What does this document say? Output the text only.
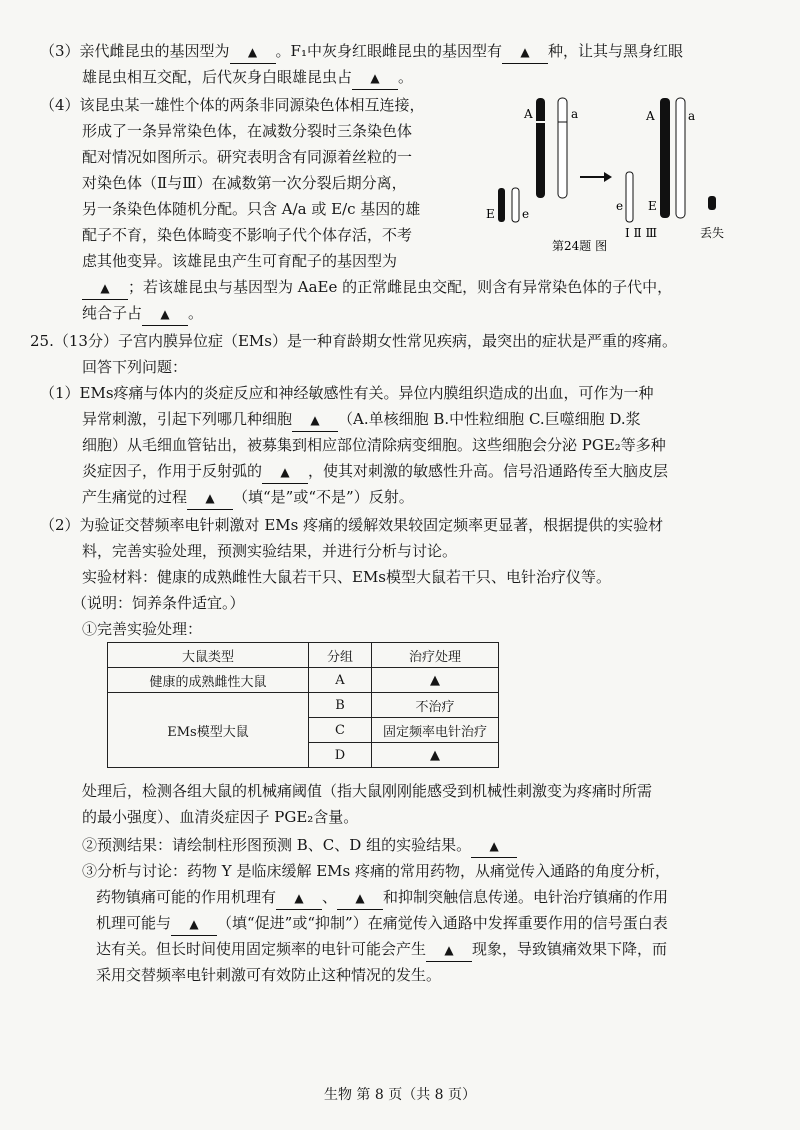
（3）亲代雌昆虫的基因型为 ▲ 。F₁中灰身红眼雌昆虫的基因型有 ▲ 种，让其与黑身红眼
雄昆虫相互交配，后代灰身白眼雄昆虫占 ▲ 。
（4）该昆虫某一雄性个体的两条非同源染色体相互连接，
形成了一条异常染色体，在减数分裂时三条染色体
配对情况如图所示。研究表明含有同源着丝粒的一
对染色体（Ⅱ与Ⅲ）在减数第一次分裂后期分离，
另一条染色体随机分配。只含 A/a 或 E/c 基因的雄
配子不育，染色体畸变不影响子代个体存活，不考
虑其他变异。该雄昆虫产生可育配子的基因型为
▲ ；若该雄昆虫与基因型为 AaEe 的正常雌昆虫交配，则含有异常染色体的子代中，
纯合子占 ▲ 。
A	a
E e
e
A
E
a
第24题 图
Ⅰ Ⅱ Ⅲ	丢失
25.（13分）子宫内膜异位症（EMs）是一种育龄期女性常见疾病，最突出的症状是严重的疼痛。
回答下列问题：
（1）EMs疼痛与体内的炎症反应和神经敏感性有关。异位内膜组织造成的出血，可作为一种
异常刺激，引起下列哪几种细胞 ▲ （A.单核细胞 B.中性粒细胞 C.巨噬细胞 D.浆
细胞）从毛细血管钻出，被募集到相应部位清除病变细胞。这些细胞会分泌 PGE₂等多种
炎症因子，作用于反射弧的 ▲ ，使其对刺激的敏感性升高。信号沿通路传至大脑皮层
产生痛觉的过程 ▲ （填“是”或“不是”）反射。
（2）为验证交替频率电针刺激对 EMs 疼痛的缓解效果较固定频率更显著，根据提供的实验材
料，完善实验处理，预测实验结果，并进行分析与讨论。
实验材料：健康的成熟雌性大鼠若干只、EMs模型大鼠若干只、电针治疗仪等。
（说明：饲养条件适宜。）
①完善实验处理：
大鼠类型	分组	治疗处理
健康的成熟雌性大鼠	A	▲
EMs模型大鼠	B	不治疗
	C	固定频率电针治疗
	D	▲
处理后，检测各组大鼠的机械痛阈值（指大鼠刚刚能感受到机械性刺激变为疼痛时所需
的最小强度）、血清炎症因子 PGE₂含量。
②预测结果：请绘制柱形图预测 B、C、D 组的实验结果。 ▲
③分析与讨论：药物 Y 是临床缓解 EMs 疼痛的常用药物，从痛觉传入通路的角度分析，
药物镇痛可能的作用机理有 ▲ 、 ▲ 和抑制突触信息传递。电针治疗镇痛的作用
机理可能与 ▲ （填“促进”或“抑制”）在痛觉传入通路中发挥重要作用的信号蛋白表
达有关。但长时间使用固定频率的电针可能会产生 ▲ 现象，导致镇痛效果下降，而
采用交替频率电针刺激可有效防止这种情况的发生。
生物 第 8 页（共 8 页）
